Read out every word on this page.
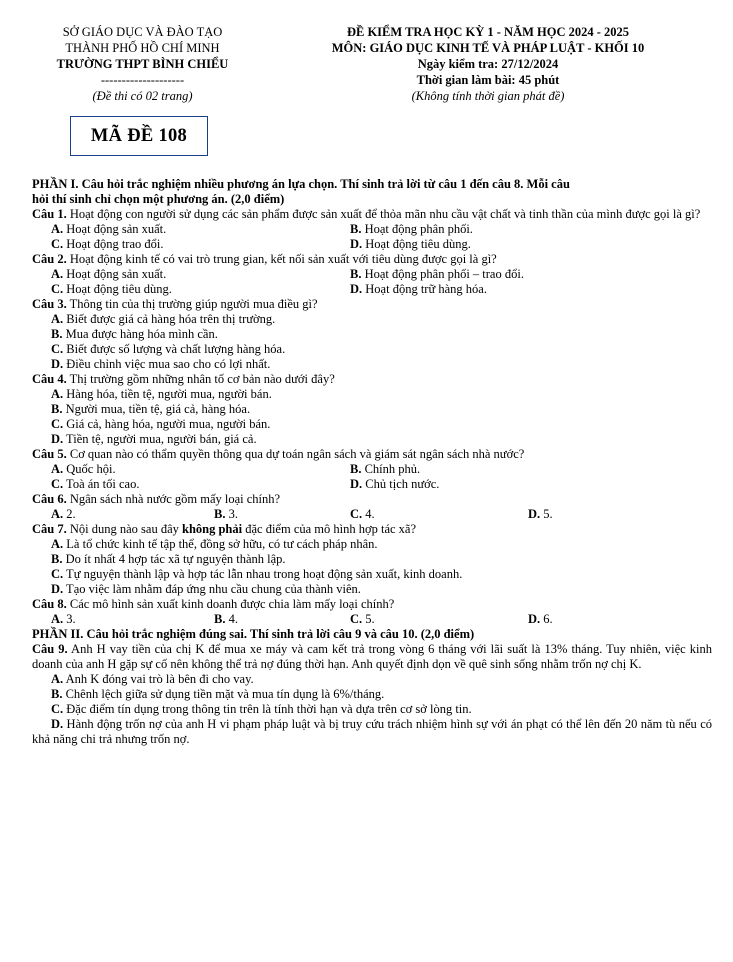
SỞ GIÁO DỤC VÀ ĐÀO TẠO
THÀNH PHỐ HỒ CHÍ MINH
TRƯỜNG THPT BÌNH CHIỂU
--------------------
(Đề thi có 02 trang)
ĐỀ KIỂM TRA HỌC KỲ 1 - NĂM HỌC 2024 - 2025
MÔN: GIÁO DỤC KINH TẾ VÀ PHÁP LUẬT - KHỐI 10
Ngày kiểm tra: 27/12/2024
Thời gian làm bài: 45 phút
(Không tính thời gian phát đề)
MÃ ĐỀ 108
PHẦN I. Câu hỏi trắc nghiệm nhiều phương án lựa chọn. Thí sinh trả lời từ câu 1 đến câu 8. Mỗi câu
hỏi thí sinh chỉ chọn một phương án. (2,0 điểm)
Câu 1. Hoạt động con người sử dụng các sản phẩm được sản xuất để thỏa mãn nhu cầu vật chất và tinh thần của mình được gọi là gì?
A. Hoạt động sản xuất.	B. Hoạt động phân phối.
C. Hoạt động trao đổi.	D. Hoạt động tiêu dùng.
Câu 2. Hoạt động kinh tế có vai trò trung gian, kết nối sản xuất với tiêu dùng được gọi là gì?
A. Hoạt động sản xuất.	B. Hoạt động phân phối – trao đổi.
C. Hoạt động tiêu dùng.	D. Hoạt động trữ hàng hóa.
Câu 3. Thông tin của thị trường giúp người mua điều gì?
A. Biết được giá cả hàng hóa trên thị trường.
B. Mua được hàng hóa mình cần.
C. Biết được số lượng và chất lượng hàng hóa.
D. Điều chỉnh việc mua sao cho có lợi nhất.
Câu 4. Thị trường gồm những nhân tố cơ bản nào dưới đây?
A. Hàng hóa, tiền tệ, người mua, người bán.
B. Người mua, tiền tệ, giá cả, hàng hóa.
C. Giá cả, hàng hóa, người mua, người bán.
D. Tiền tệ, người mua, người bán, giá cả.
Câu 5. Cơ quan nào có thẩm quyền thông qua dự toán ngân sách và giám sát ngân sách nhà nước?
A. Quốc hội.	B. Chính phủ.
C. Toà án tối cao.	D. Chủ tịch nước.
Câu 6. Ngân sách nhà nước gồm mấy loại chính?
A. 2.	B. 3.	C. 4.	D. 5.
Câu 7. Nội dung nào sau đây không phải đặc điểm của mô hình hợp tác xã?
A. Là tổ chức kinh tế tập thể, đồng sở hữu, có tư cách pháp nhân.
B. Do ít nhất 4 hợp tác xã tự nguyện thành lập.
C. Tự nguyện thành lập và hợp tác lẫn nhau trong hoạt động sản xuất, kinh doanh.
D. Tạo việc làm nhằm đáp ứng nhu cầu chung của thành viên.
Câu 8. Các mô hình sản xuất kinh doanh được chia làm mấy loại chính?
A. 3.	B. 4.	C. 5.	D. 6.
PHẦN II. Câu hỏi trắc nghiệm đúng sai. Thí sinh trả lời câu 9 và câu 10. (2,0 điểm)
Câu 9. Anh H vay tiền của chị K để mua xe máy và cam kết trả trong vòng 6 tháng với lãi suất là 13% tháng. Tuy nhiên, việc kinh doanh của anh H gặp sự cố nên không thể trả nợ đúng thời hạn. Anh quyết định dọn về quê sinh sống nhằm trốn nợ chị K.
A. Anh K đóng vai trò là bên đi cho vay.
B. Chênh lệch giữa sử dụng tiền mặt và mua tín dụng là 6%/tháng.
C. Đặc điểm tín dụng trong thông tin trên là tính thời hạn và dựa trên cơ sở lòng tin.
D. Hành động trốn nợ của anh H vi phạm pháp luật và bị truy cứu trách nhiệm hình sự với án phạt có thể lên đến 20 năm tù nếu có khả năng chi trả nhưng trốn nợ.
